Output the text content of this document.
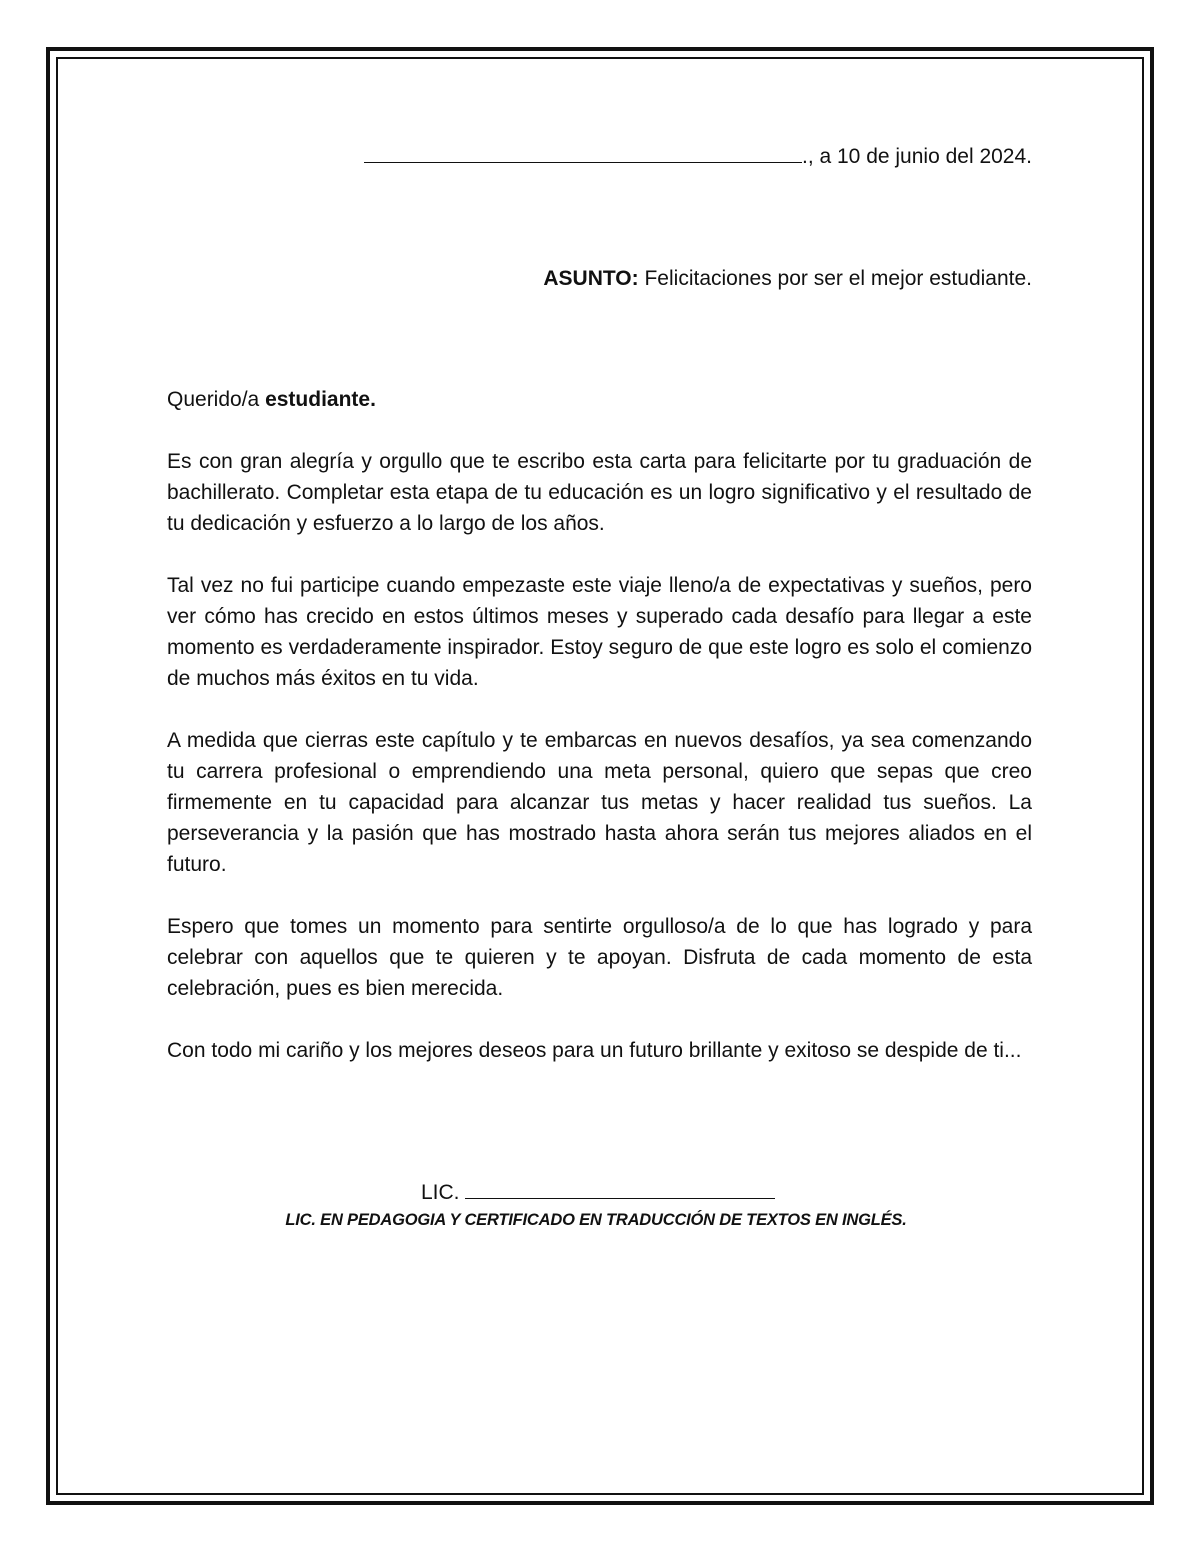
., a 10 de junio del 2024.
ASUNTO: Felicitaciones por ser el mejor estudiante.

Querido/a estudiante.

Es con gran alegría y orgullo que te escribo esta carta para felicitarte por tu graduación de bachillerato. Completar esta etapa de tu educación es un logro significativo y el resultado de tu dedicación y esfuerzo a lo largo de los años.

Tal vez no fui participe cuando empezaste este viaje lleno/a de expectativas y sueños, pero ver cómo has crecido en estos últimos meses y superado cada desafío para llegar a este momento es verdaderamente inspirador. Estoy seguro de que este logro es solo el comienzo de muchos más éxitos en tu vida.

A medida que cierras este capítulo y te embarcas en nuevos desafíos, ya sea comenzando tu carrera profesional o emprendiendo una meta personal, quiero que sepas que creo firmemente en tu capacidad para alcanzar tus metas y hacer realidad tus sueños. La perseverancia y la pasión que has mostrado hasta ahora serán tus mejores aliados en el futuro.

Espero que tomes un momento para sentirte orgulloso/a de lo que has logrado y para celebrar con aquellos que te quieren y te apoyan. Disfruta de cada momento de esta celebración, pues es bien merecida.

Con todo mi cariño y los mejores deseos para un futuro brillante y exitoso se despide de ti...

LIC.
LIC. EN PEDAGOGIA Y CERTIFICADO EN TRADUCCIÓN DE TEXTOS EN INGLÉS.
